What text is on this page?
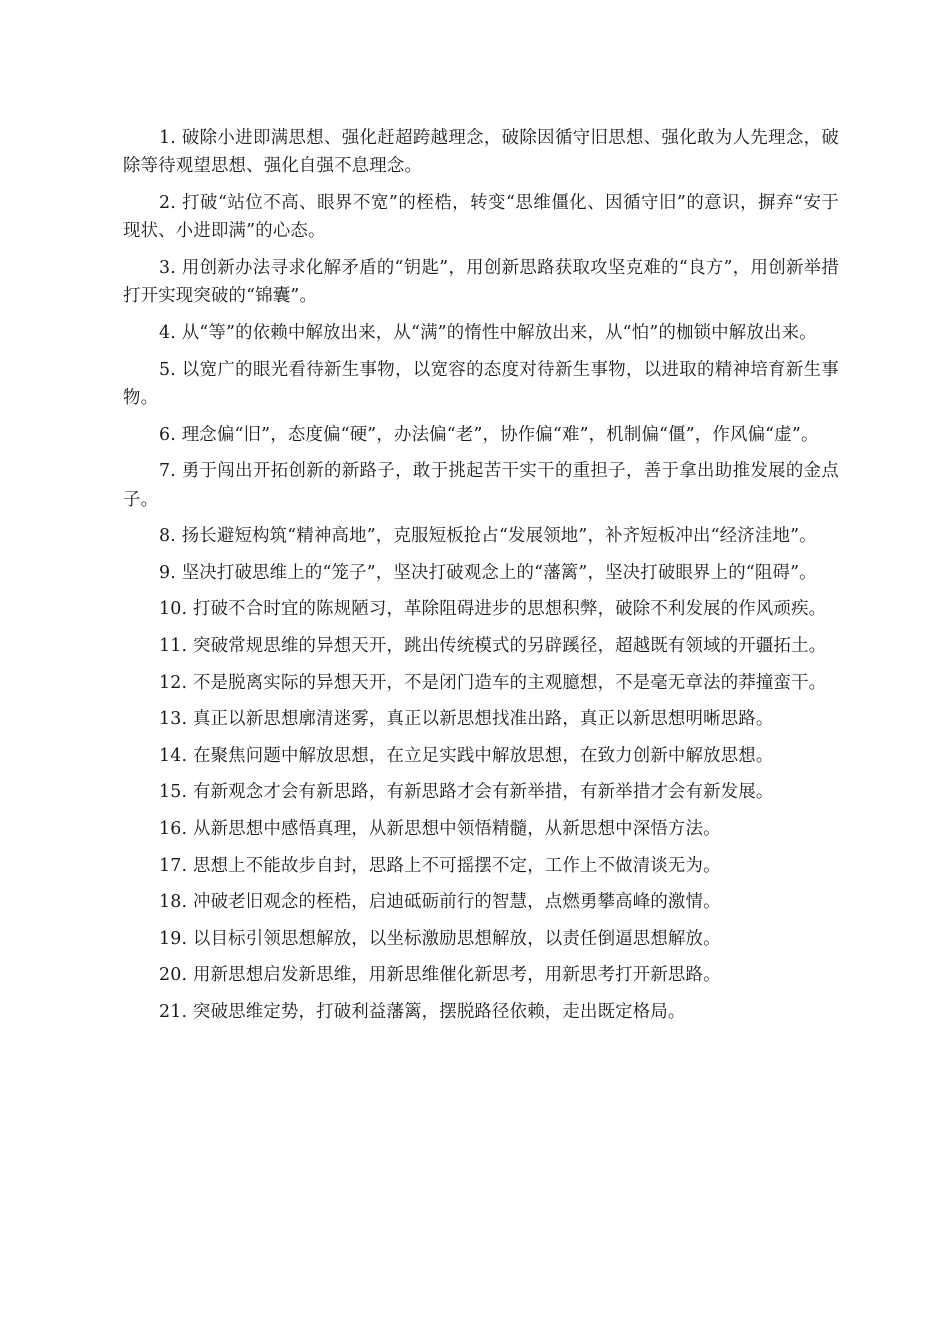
1. 破除小进即满思想、强化赶超跨越理念，破除因循守旧思想、强化敢为人先理念，破除等待观望思想、强化自强不息理念。

2. 打破“站位不高、眼界不宽”的桎梏，转变“思维僵化、因循守旧”的意识，摒弃“安于现状、小进即满”的心态。

3. 用创新办法寻求化解矛盾的“钥匙”，用创新思路获取攻坚克难的“良方”，用创新举措打开实现突破的“锦囊”。

4. 从“等”的依赖中解放出来，从“满”的惰性中解放出来，从“怕”的枷锁中解放出来。

5. 以宽广的眼光看待新生事物，以宽容的态度对待新生事物，以进取的精神培育新生事物。

6. 理念偏“旧”，态度偏“硬”，办法偏“老”，协作偏“难”，机制偏“僵”，作风偏“虚”。

7. 勇于闯出开拓创新的新路子，敢于挑起苦干实干的重担子，善于拿出助推发展的金点子。

8. 扬长避短构筑“精神高地”，克服短板抢占“发展领地”，补齐短板冲出“经济洼地”。

9. 坚决打破思维上的“笼子”，坚决打破观念上的“藩篱”，坚决打破眼界上的“阻碍”。

10. 打破不合时宜的陈规陋习，革除阻碍进步的思想积弊，破除不利发展的作风顽疾。

11. 突破常规思维的异想天开，跳出传统模式的另辟蹊径，超越既有领域的开疆拓土。

12. 不是脱离实际的异想天开，不是闭门造车的主观臆想，不是毫无章法的莽撞蛮干。

13. 真正以新思想廓清迷雾，真正以新思想找准出路，真正以新思想明晰思路。

14. 在聚焦问题中解放思想，在立足实践中解放思想，在致力创新中解放思想。

15. 有新观念才会有新思路，有新思路才会有新举措，有新举措才会有新发展。

16. 从新思想中感悟真理，从新思想中领悟精髓，从新思想中深悟方法。

17. 思想上不能故步自封，思路上不可摇摆不定，工作上不做清谈无为。

18. 冲破老旧观念的桎梏，启迪砥砺前行的智慧，点燃勇攀高峰的激情。

19. 以目标引领思想解放，以坐标激励思想解放，以责任倒逼思想解放。

20. 用新思想启发新思维，用新思维催化新思考，用新思考打开新思路。

21. 突破思维定势，打破利益藩篱，摆脱路径依赖，走出既定格局。
